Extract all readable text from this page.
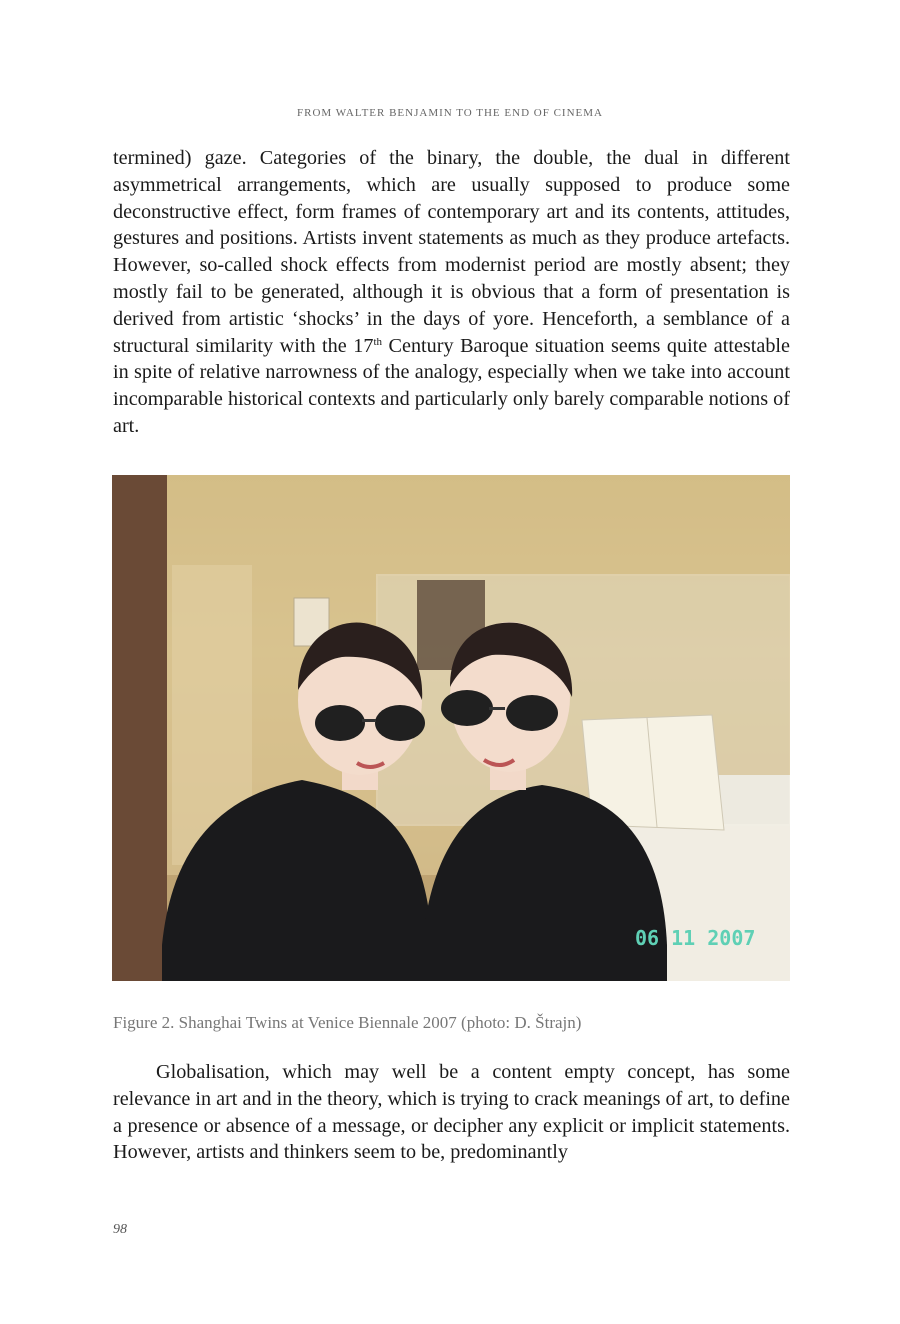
FROM WALTER BENJAMIN TO THE END OF CINEMA

termined) gaze. Categories of the binary, the double, the dual in different asymmetrical arrangements, which are usually supposed to produce some deconstructive effect, form frames of contemporary art and its contents, attitudes, gestures and positions. Artists invent statements as much as they produce artefacts. However, so-called shock effects from modernist period are mostly absent; they mostly fail to be generated, although it is obvious that a form of presentation is derived from artistic ‘shocks’ in the days of yore. Henceforth, a semblance of a structural similarity with the 17th Century Baroque situation seems quite attestable in spite of relative narrowness of the analogy, especially when we take into account incomparable historical contexts and particularly only barely comparable notions of art.

06 11 2007
Figure 2. Shanghai Twins at Venice Biennale 2007 (photo: D. Štrajn)

Globalisation, which may well be a content empty concept, has some relevance in art and in the theory, which is trying to crack meanings of art, to define a presence or absence of a message, or decipher any explicit or implicit statements. However, artists and thinkers seem to be, predominantly

98
